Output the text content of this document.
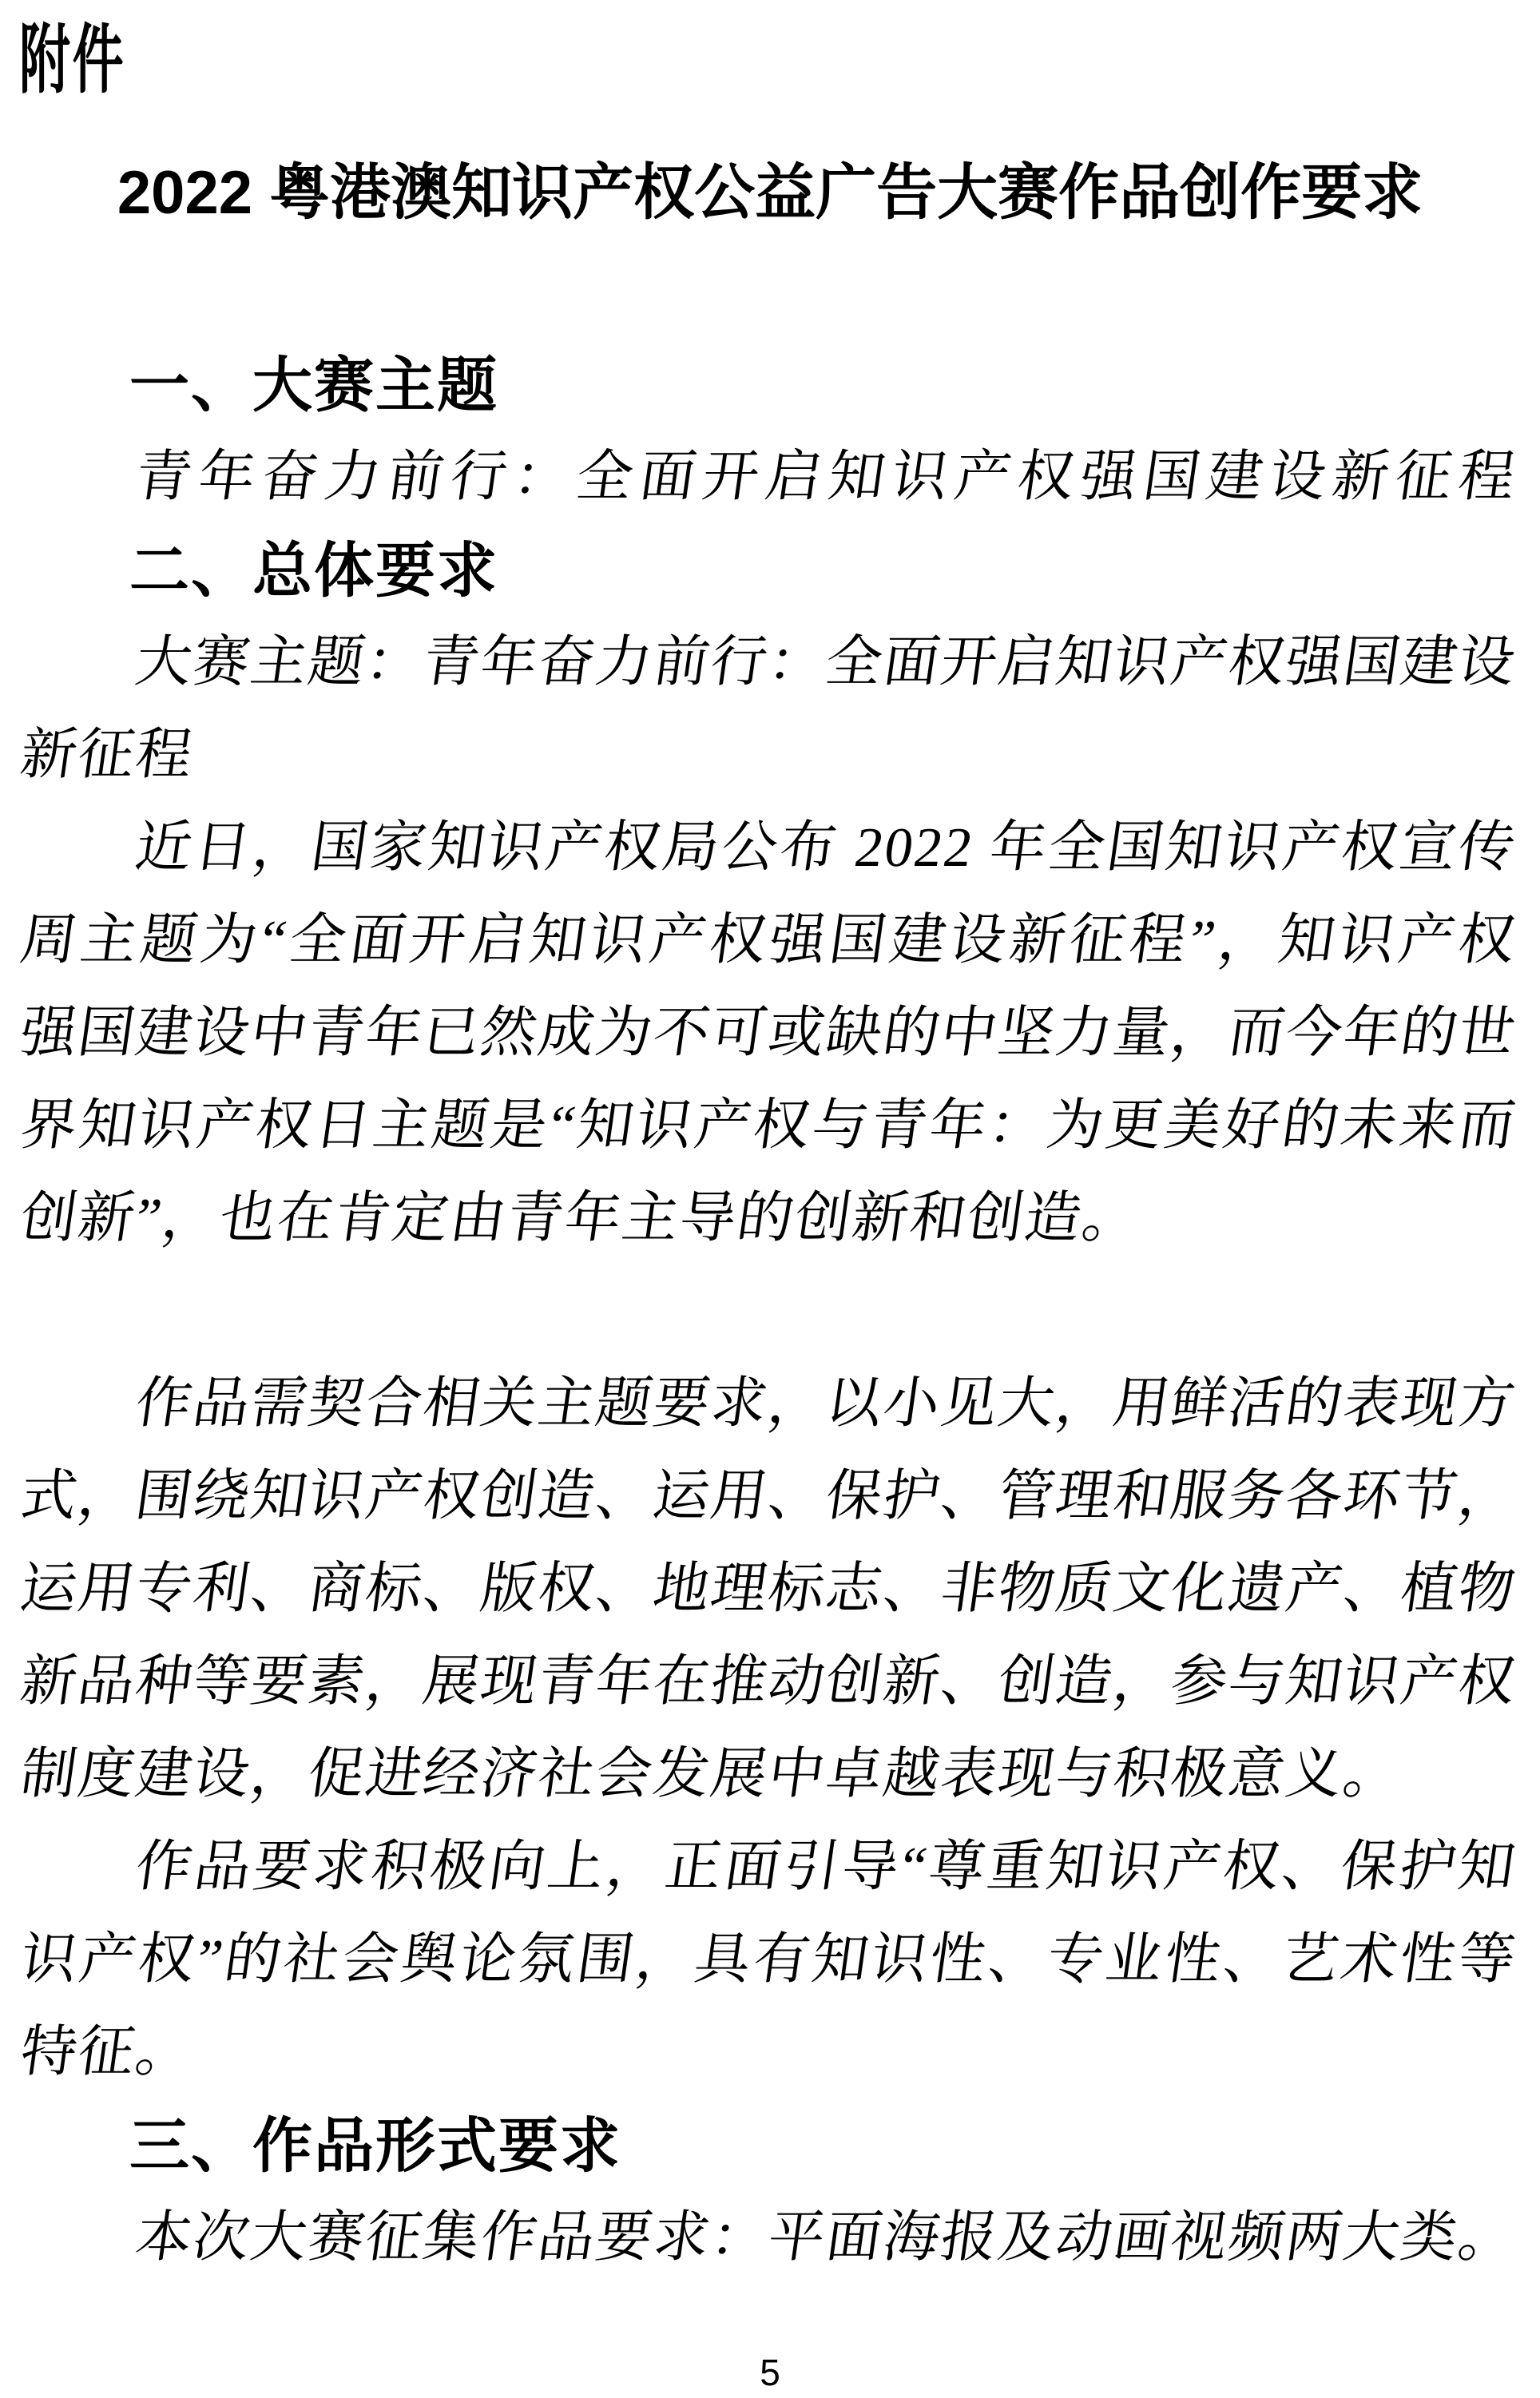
附件
2022 粤港澳知识产权公益广告大赛作品创作要求
一、大赛主题
青年奋力前行：全面开启知识产权强国建设新征程
二、总体要求
大赛主题：青年奋力前行：全面开启知识产权强国建设
新征程
近日，国家知识产权局公布 2022 年全国知识产权宣传
周主题为“全面开启知识产权强国建设新征程”，知识产权
强国建设中青年已然成为不可或缺的中坚力量，而今年的世
界知识产权日主题是“知识产权与青年：为更美好的未来而
创新”，也在肯定由青年主导的创新和创造。
作品需契合相关主题要求，以小见大，用鲜活的表现方
式，围绕知识产权创造、运用、保护、管理和服务各环节，
运用专利、商标、版权、地理标志、非物质文化遗产、植物
新品种等要素，展现青年在推动创新、创造，参与知识产权
制度建设，促进经济社会发展中卓越表现与积极意义。
作品要求积极向上，正面引导“尊重知识产权、保护知
识产权”的社会舆论氛围，具有知识性、专业性、艺术性等
特征。
三、作品形式要求
本次大赛征集作品要求：平面海报及动画视频两大类。
5
